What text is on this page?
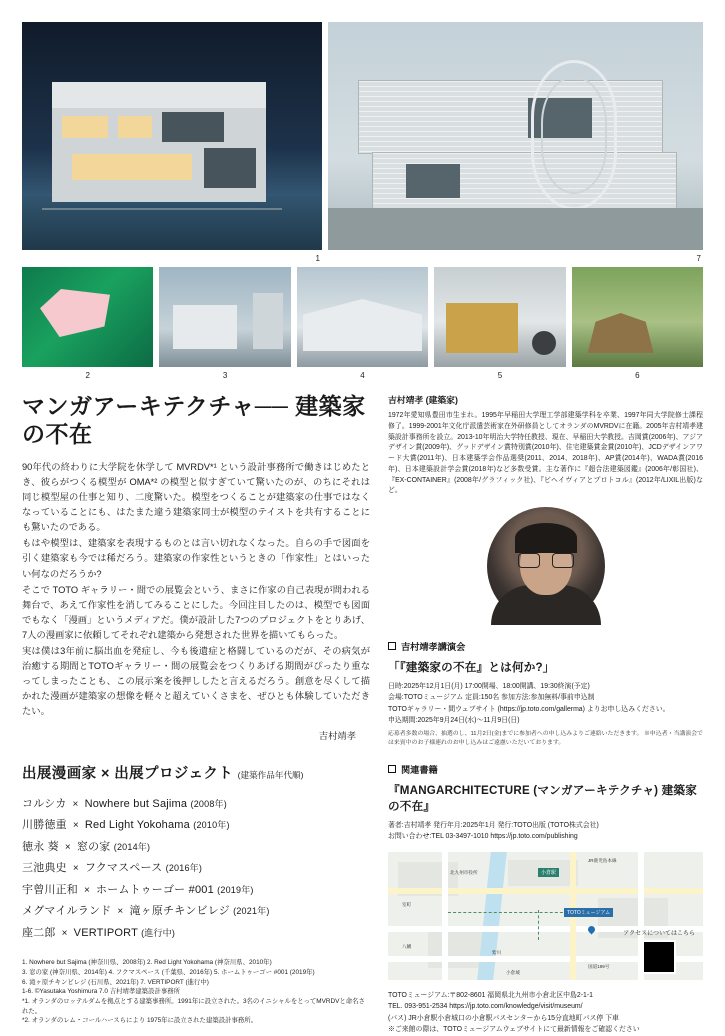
1	7
2	3	4	5	6
マンガアーキテクチャ── 建築家の不在

90年代の終わりに大学院を休学して MVRDV*¹ という設計事務所で働きはじめたとき、彼らがつくる模型が OMA*² の模型と似すぎていて驚いたのが、のちにそれは同じ模型屋の仕事と知り、二度驚いた。模型をつくることが建築家の仕事ではなくなっていることにも、はたまた違う建築家同士が模型のテイストを共有することにも驚いたのである。

もはや模型は、建築家を表現するものとは言い切れなくなった。自らの手で図面を引く建築家も今では稀だろう。建築家の作家性というときの「作家性」とはいったい何なのだろうか?

そこで TOTO ギャラリー・間での展覧会という、まさに作家の自己表現が問われる舞台で、あえて作家性を消してみることにした。今回注目したのは、模型でも図面でもなく「漫画」というメディアだ。僕が設計した7つのプロジェクトをとりあげ、7人の漫画家に依頼してそれぞれ建築から発想された世界を描いてもらった。

実は僕は3年前に脳出血を発症し、今も後遺症と格闘しているのだが、その病気が治癒する期間とTOTOギャラリー・間の展覧会をつくりあげる期間がぴったり重なってしまったことも、この展示案を後押ししたと言えるだろう。創意を尽くして描かれた漫画が建築家の想像を軽々と超えていくさまを、ぜひとも体験していただきたい。

吉村靖孝
出展漫画家 × 出展プロジェクト (建築作品年代順)
コルシカ × Nowhere but Sajima (2008年)
川勝徳重 × Red Light Yokohama (2010年)
徳永 葵 × 窓の家 (2014年)
三池典史 × フクマスペース (2016年)
宇曾川正和 × ホームトゥーゴー #001 (2019年)
メグマイルランド × 滝ヶ原チキンビレジ (2021年)
座二郎 × VERTIPORT (進行中)
1. Nowhere but Sajima (神奈川県、2008年) 2. Red Light Yokohama (神奈川県、2010年)
3. 窓の家 (神奈川県、2014年) 4. フクマスペース (千葉県、2016年) 5. ホームトゥーゴー #001 (2019年)
6. 滝ヶ原チキンビレジ (石川県、2021年) 7. VERTIPORT (進行中)
1-6. ©Yasutaka Yoshimura 7.0 吉村靖孝建築設計事務所
*1. オランダのロッテルダムを拠点とする建築事務所。1991年に設立された。3名のイニシャルをとってMVRDVと命名された。
*2. オランダのレム・コールハースらにより 1975年に設立された建築設計事務所。
吉村靖孝 (建築家)
1972年愛知県豊田市生まれ。1995年早稲田大学理工学部建築学科を卒業、1997年同大学院修士課程修了。1999-2001年文化庁派遣芸術家在外研修員としてオランダのMVRDVに在籍。2005年吉村靖孝建築設計事務所を設立。2013-10年明治大学特任教授、現在、早稲田大学教授。吉岡賞(2006年)、アジアデザイン賞(2009年)、グッドデザイン賞特別賞(2010年)、住宅建築賞金賞(2010年)、JCDデザインアワード大賞(2011年)、日本建築学会作品選奨(2011、2014、2018年)、AP賞(2014年)、WADA賞(2016年)、日本建築設計学会賞(2018年)など多数受賞。主な著作に『超合法建築図鑑』(2006年/彰国社)、『EX-CONTAINER』(2008年/グラフィック社)、『ビヘイヴィアとプロトコル』(2012年/LIXIL出版)など。
吉村靖孝講演会
「『建築家の不在』とは何か?」
日時:2025年12月1日(月) 17:00開場、18:00開講、19:30終演(予定)
会場:TOTOミュージアム 定員:150名 参加方法:参加無料/事前申込制
TOTOギャラリー・間ウェブサイト (https://jp.toto.com/gallerma) よりお申し込みください。
申込期間:2025年9月24日(水)〜11月9日(日)
応募者多数の場合、抽選のし、11月2日(金)までに参加者への申し込みよりご連絡いただきます。 ※申込者・当講演会では来賓中のお子様連れのお申し込みはご遠慮いただいております。
関連書籍
『MANGARCHITECTURE (マンガアーキテクチャ) 建築家の不在』
著者:吉村靖孝 発行年月:2025年1月 発行:TOTO出版 (TOTO株式会社)
お問い合わせ:TEL 03-3497-1010 https://jp.toto.com/publishing
小倉駅
TOTOミュージアム
室町
八幡
北九州市役所
紫川
小倉城
国道199号
JR鹿児島本線
アクセスについてはこちら
TOTOミュージアム:〒802-8601 福岡県北九州市小倉北区中島2-1-1
TEL. 093-951-2534 https://jp.toto.com/knowledge/visit/museum/
(バス) JR小倉駅小倉城口の小倉駅バスセンターから15分直地町バス停 下車
※ご来館の際は、TOTOミュージアムウェブサイトにて最新情報をご確認ください
